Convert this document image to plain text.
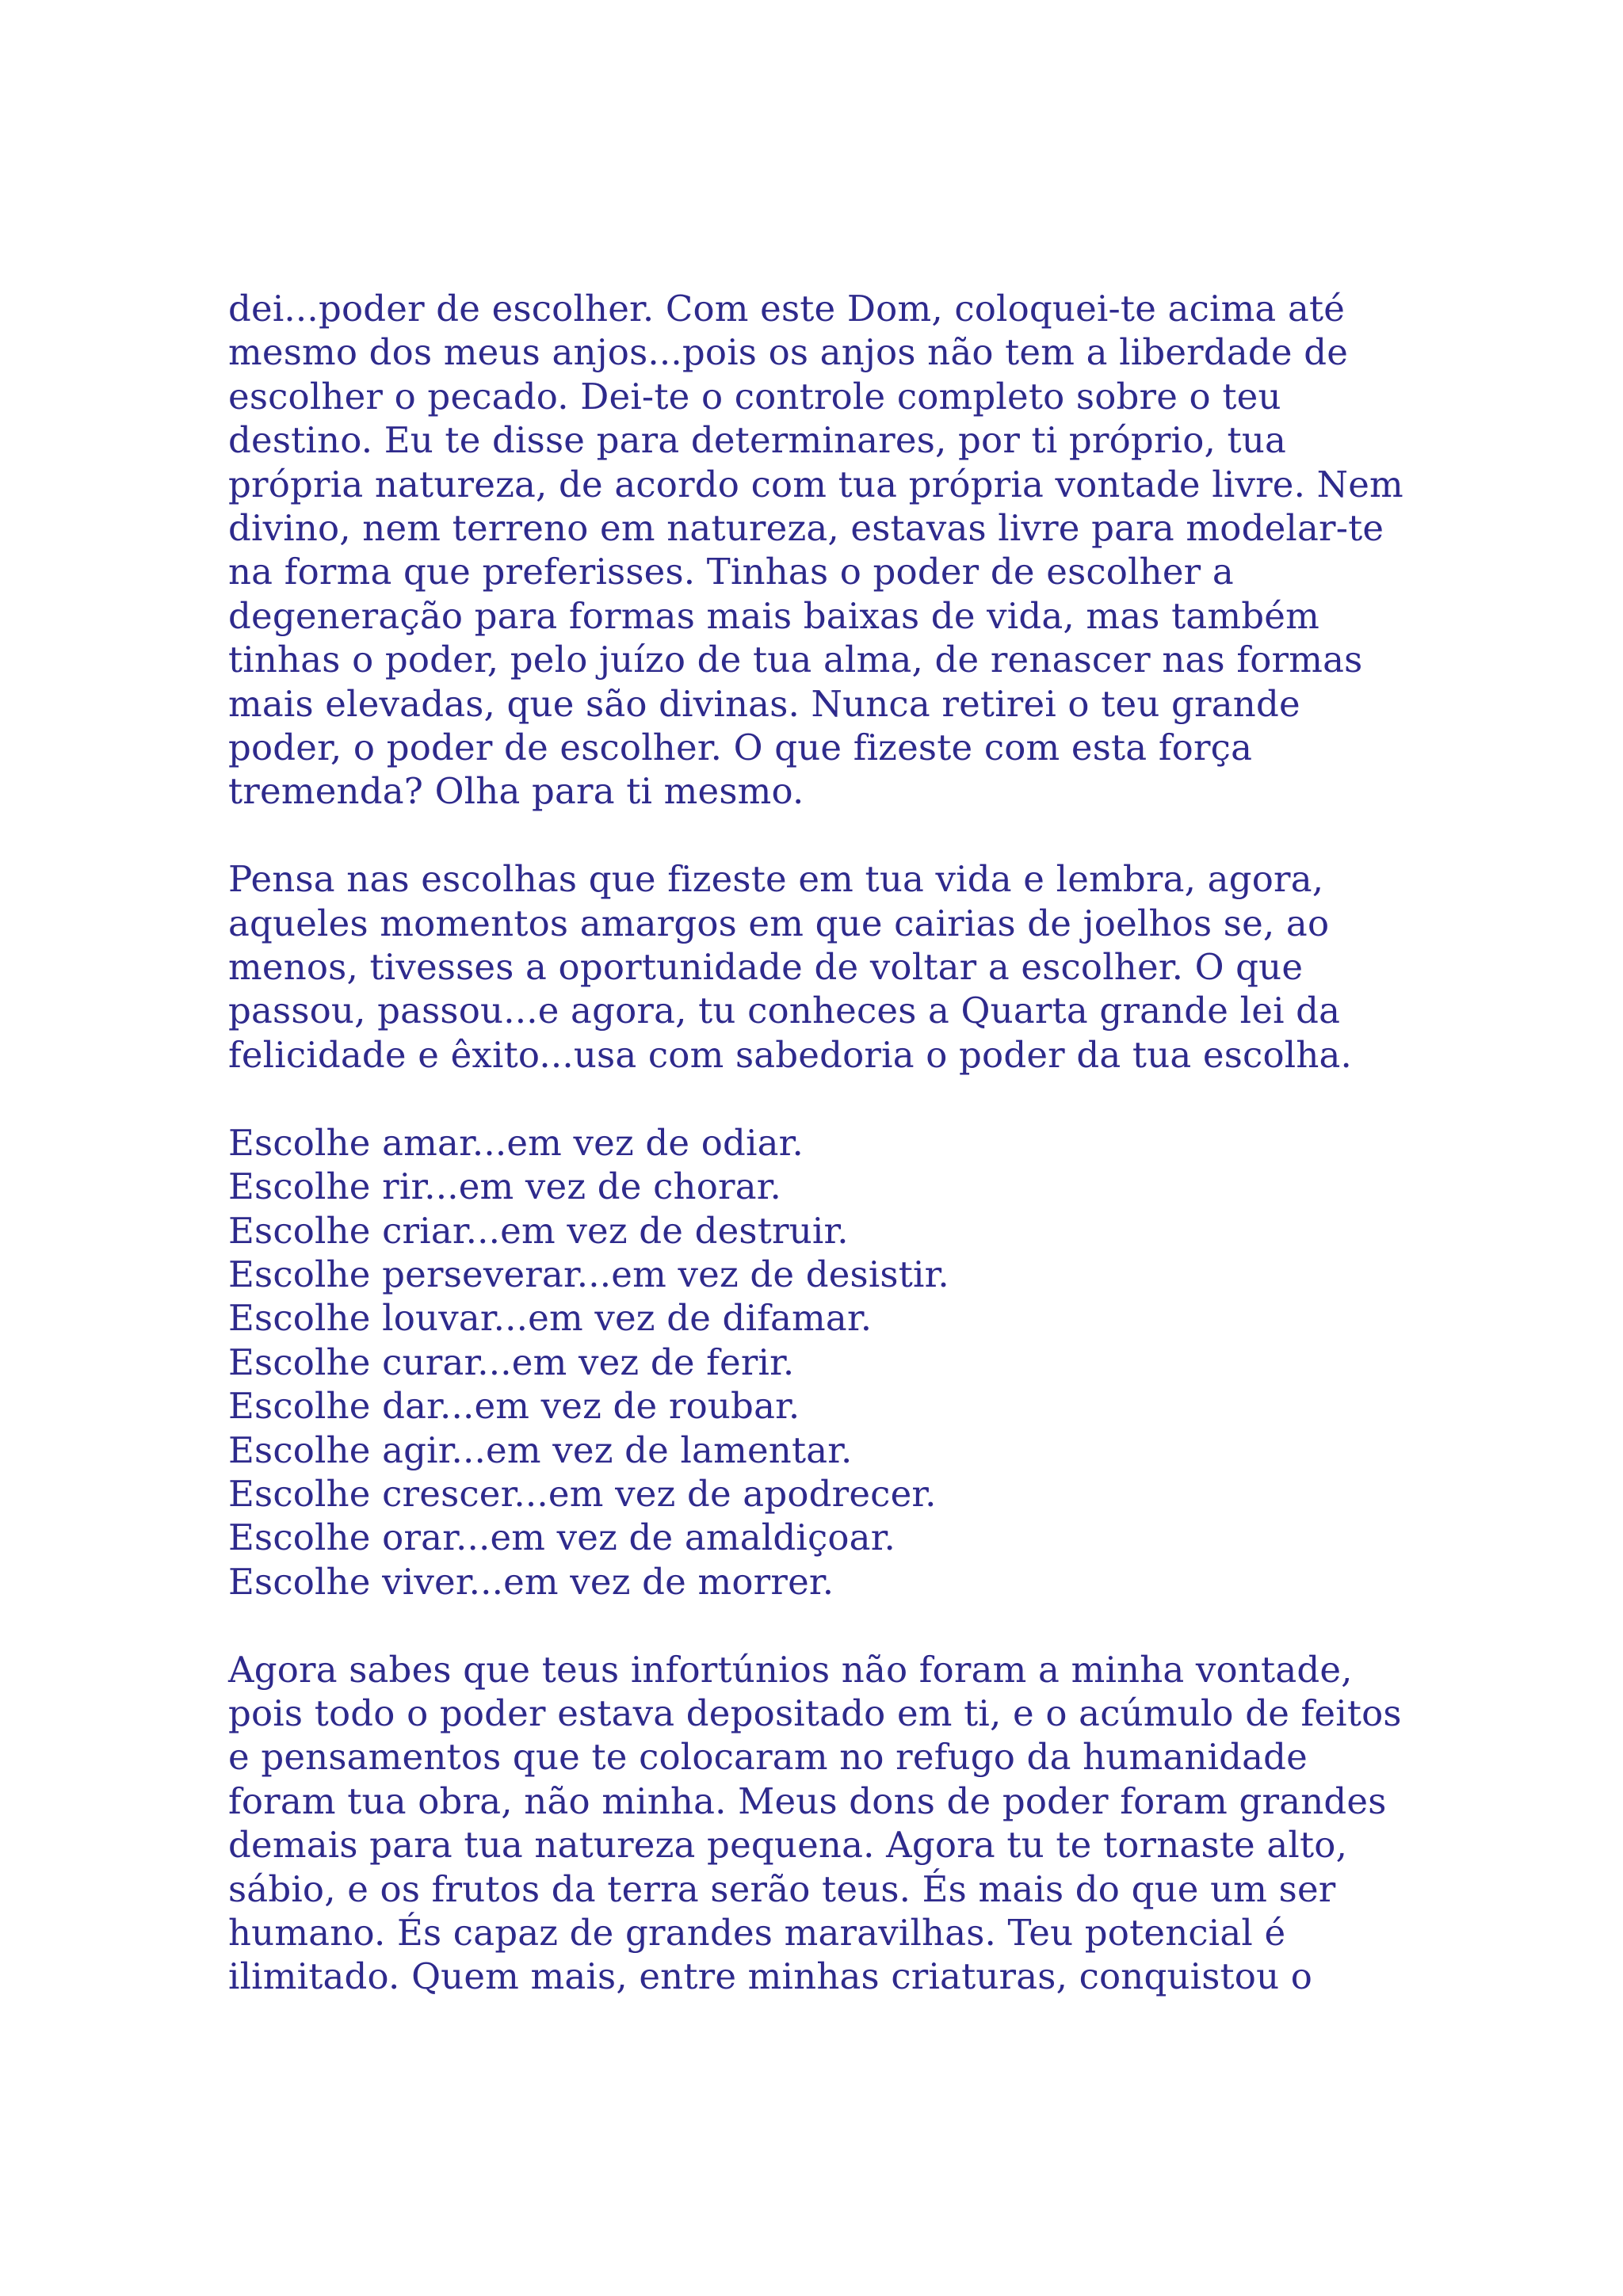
dei...poder de escolher. Com este Dom, coloquei-te acima até
mesmo dos meus anjos...pois os anjos não tem a liberdade de
escolher o pecado. Dei-te o controle completo sobre o teu
destino. Eu te disse para determinares, por ti próprio, tua
própria natureza, de acordo com tua própria vontade livre. Nem
divino, nem terreno em natureza, estavas livre para modelar-te
na forma que preferisses. Tinhas o poder de escolher a
degeneração para formas mais baixas de vida, mas também
tinhas o poder, pelo juízo de tua alma, de renascer nas formas
mais elevadas, que são divinas. Nunca retirei o teu grande
poder, o poder de escolher. O que fizeste com esta força
tremenda? Olha para ti mesmo.

Pensa nas escolhas que fizeste em tua vida e lembra, agora,
aqueles momentos amargos em que cairias de joelhos se, ao
menos, tivesses a oportunidade de voltar a escolher. O que
passou, passou...e agora, tu conheces a Quarta grande lei da
felicidade e êxito...usa com sabedoria o poder da tua escolha.

Escolhe amar...em vez de odiar.
Escolhe rir...em vez de chorar.
Escolhe criar...em vez de destruir.
Escolhe perseverar...em vez de desistir.
Escolhe louvar...em vez de difamar.
Escolhe curar...em vez de ferir.
Escolhe dar...em vez de roubar.
Escolhe agir...em vez de lamentar.
Escolhe crescer...em vez de apodrecer.
Escolhe orar...em vez de amaldiçoar.
Escolhe viver...em vez de morrer.

Agora sabes que teus infortúnios não foram a minha vontade,
pois todo o poder estava depositado em ti, e o acúmulo de feitos
e pensamentos que te colocaram no refugo da humanidade
foram tua obra, não minha. Meus dons de poder foram grandes
demais para tua natureza pequena. Agora tu te tornaste alto,
sábio, e os frutos da terra serão teus. És mais do que um ser
humano. És capaz de grandes maravilhas. Teu potencial é
ilimitado. Quem mais, entre minhas criaturas, conquistou o
